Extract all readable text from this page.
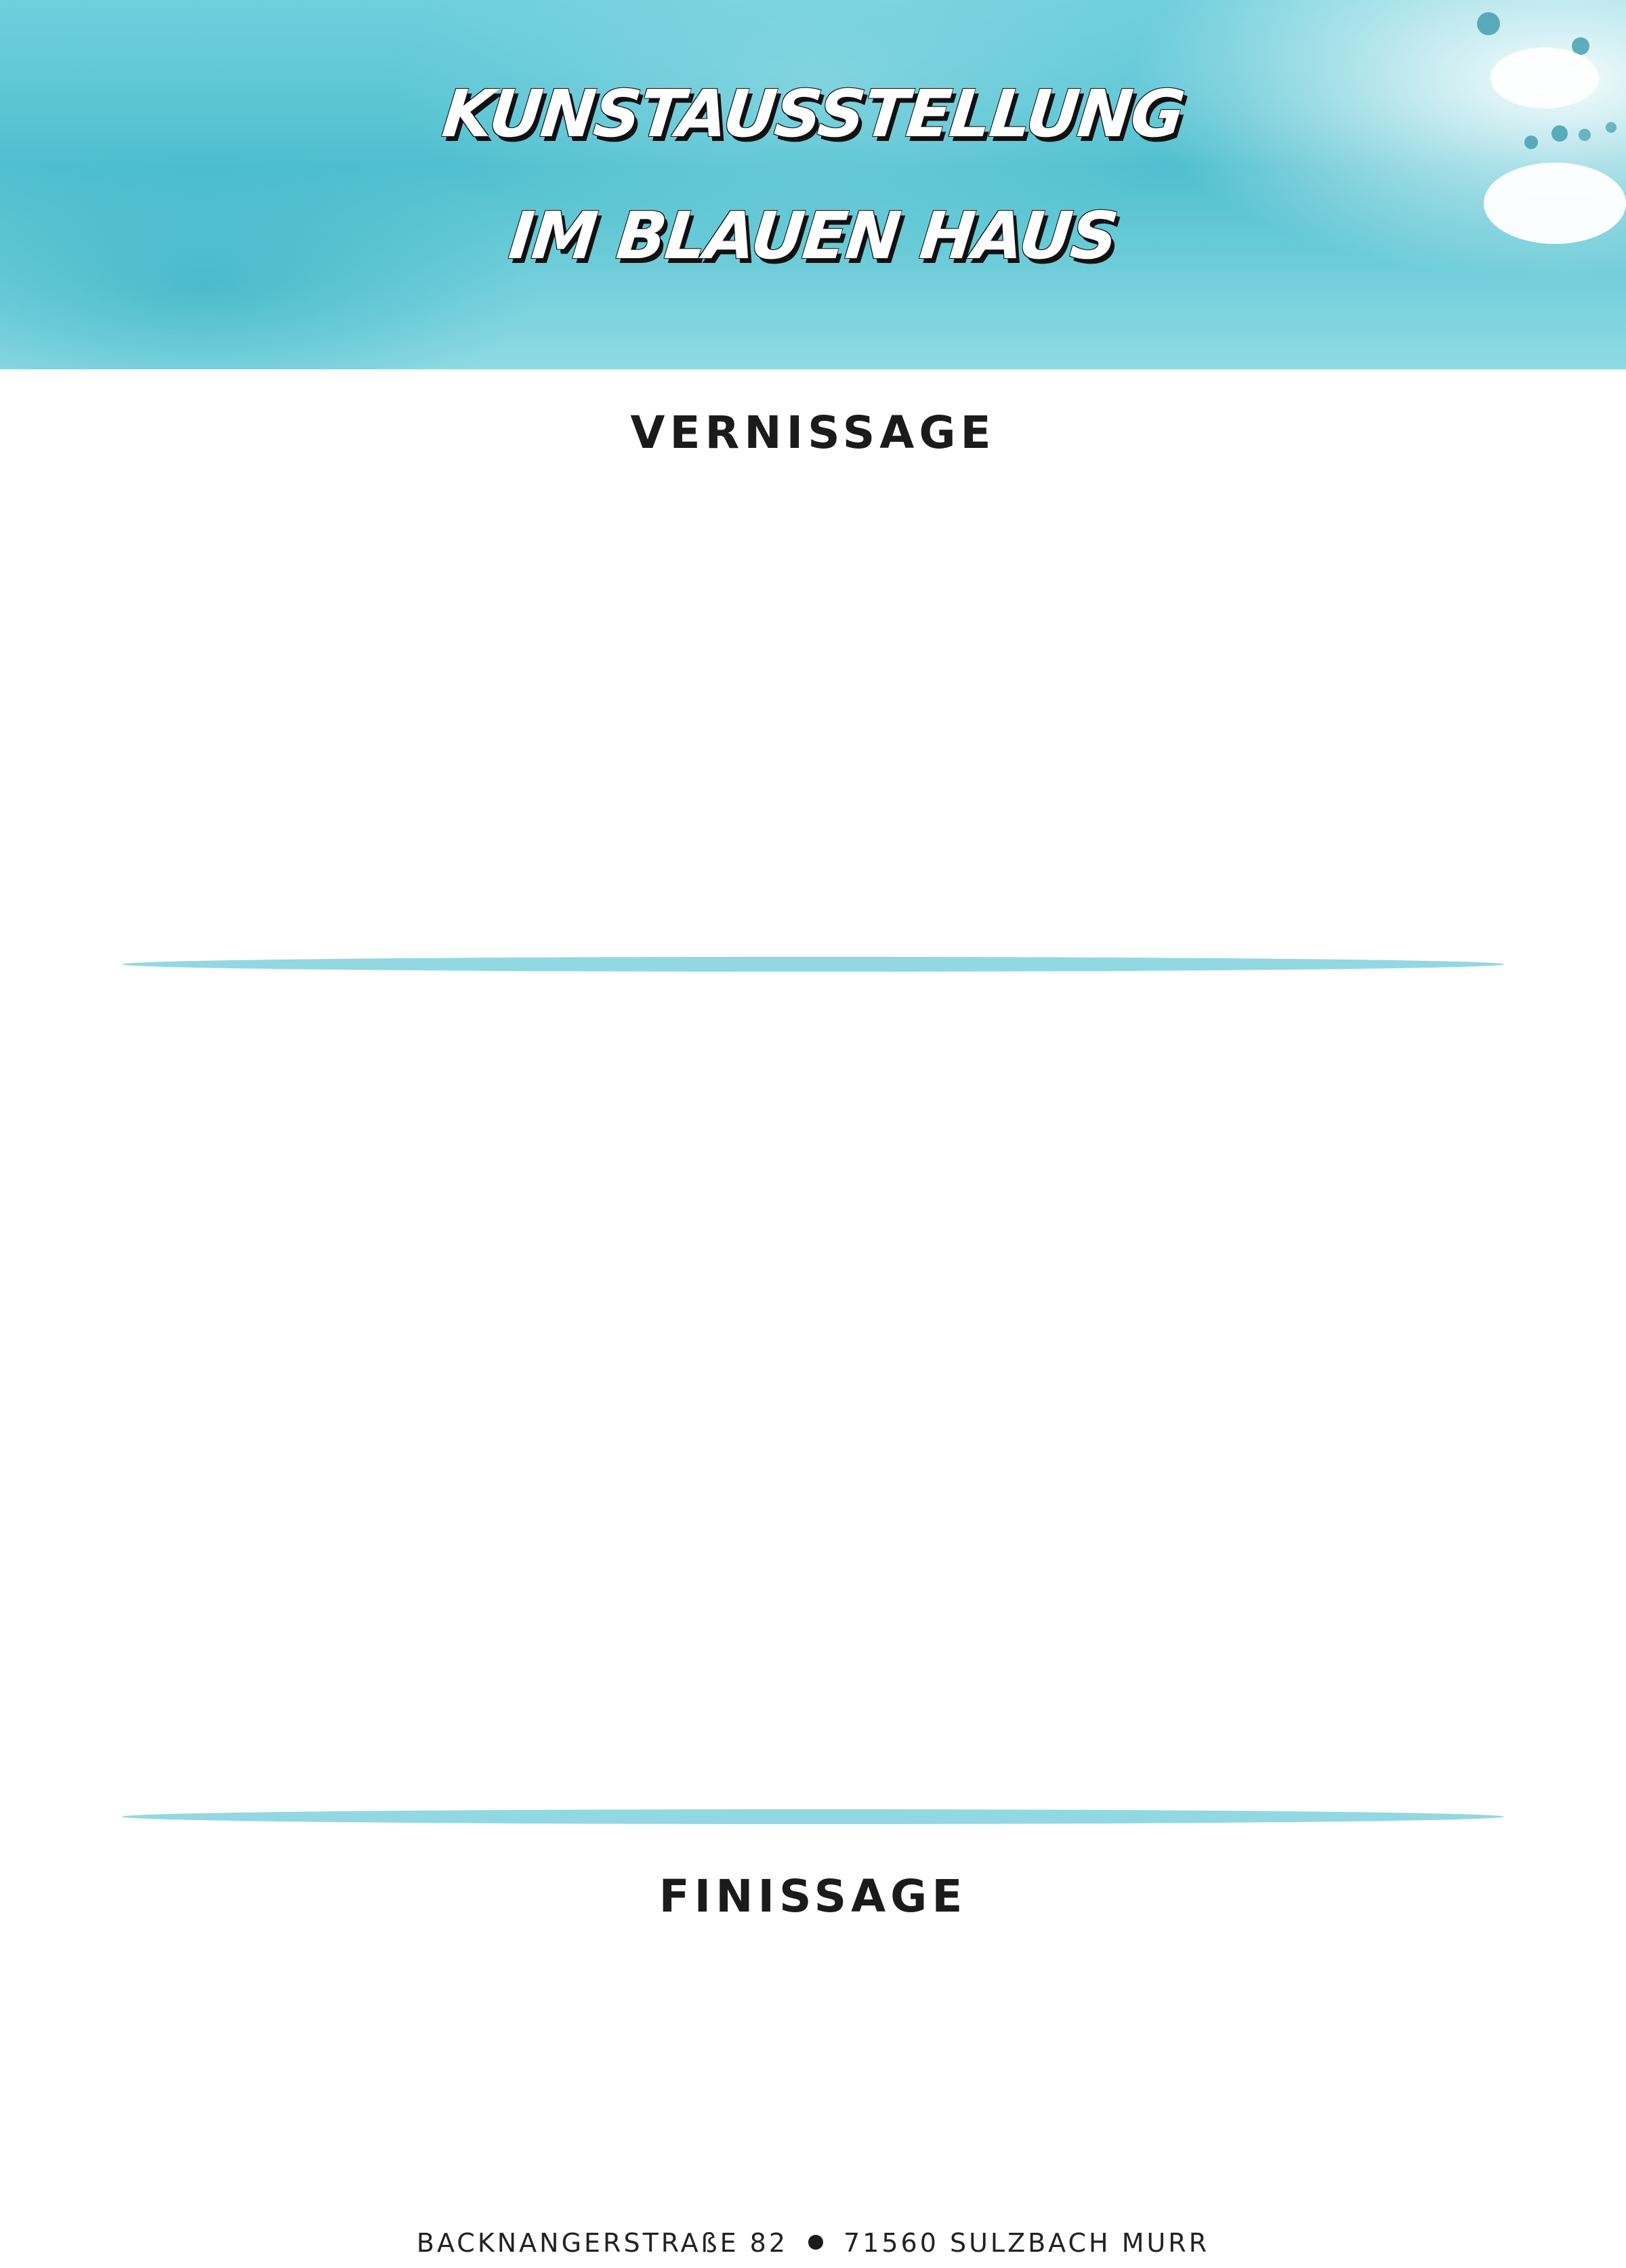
KUNSTAUSSTELLUNG
IM BLAUEN HAUS
VERNISSAGE
FINISSAGE
BACKNANGERSTRAßE 82 71560 SULZBACH MURR
